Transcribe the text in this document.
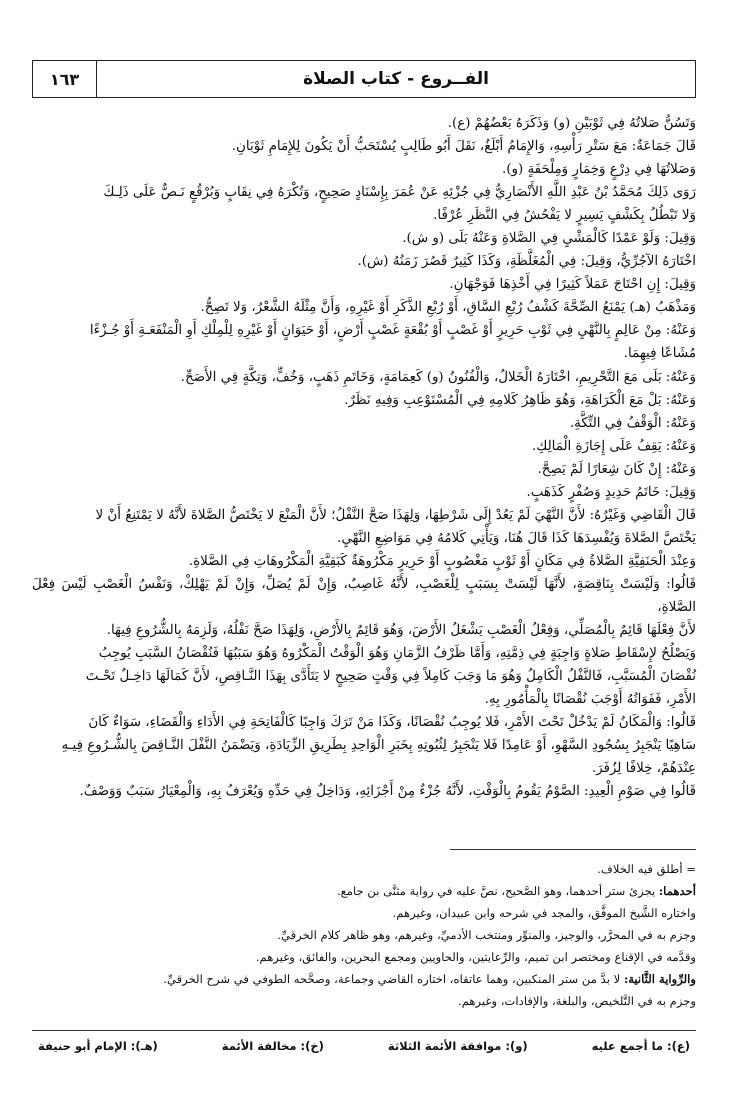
الفــروع - كتاب الصلاة
١٦٣

وَتَسُنُّ صَلاتُهُ فِي ثَوْبَيْنِ (و) وَذَكَرَهُ بَعْضُهُمْ (ع).

قَالَ جَمَاعَةٌ: مَعَ سَتْرِ رَأْسِهِ، وَالإِمَامُ أَبْلَغُ، نَقَلَ أَبُو طَالِبٍ يُسْتَحَبُّ أَنْ يَكُونَ لِلإِمَامِ ثَوْبَانِ.

وَصَلاتُهَا فِي دِرْعٍ وَخِمَارٍ وَمِلْحَفَةٍ (و).

رَوَى ذَلِكَ مُحَمَّدُ بْنُ عَبْدِ اللَّهِ الأَنْصَارِيُّ فِي جُزْئِهِ عَنْ عُمَرَ بِإِسْنَادٍ صَحِيحٍ، وَتُكْرَهُ فِي نِقَابٍ وَبُرْقُعٍ نَـصٌّ عَلَى ذَلِـكَ

وَلا تَبْطُلُ بِكَشْفٍ يَسِيرٍ لا يَفْحُشُ فِي النَّظَرِ عُرْفًا.

وَقِيلَ: وَلَوْ عَمْدًا كَالْمَشْيِ فِي الصَّلاةِ وَعَنْهُ بَلَى (و ش).

اخْتَارَهُ الآجُرِّيُّ، وَقِيلَ: فِي الْمُغَلَّظَةِ، وَكَذَا كَثِيرٌ قَصُرَ زَمَنُهُ (ش).

وَقِيلَ: إِنِ احْتَاجَ عَمَلاً كَثِيرًا فِي أَخْذِهَا فَوَجْهَانِ.

وَمَذْهَبُ (هـ) يَمْنَعُ الصِّحَّةَ كَشْفُ رُبْعِ السَّاقِ، أَوْ رُبْعِ الذَّكَرِ أَوْ غَيْرِهِ، وَأَنَّ مِثْلَهُ الشَّعْرُ، وَلا تَصِحُّ.

وَعَنْهُ: مِنْ عَالِمٍ بِالنَّهْيِ فِي ثَوْبِ حَرِيرٍ أَوْ غَصْبٍ أَوْ بُقْعَةٍ غَصْبٍ أَرْضٍ، أَوْ حَيَوَانٍ أَوْ غَيْرِهِ لِلْمِلْكِ أَوِ الْمَنْفَعَـةِ أَوْ جُـزْءًا

مُشَاعًا فِيهِمَا.

وَعَنْهُ: بَلَى مَعَ التَّحْرِيمِ، اخْتَارَهُ الْخَلالُ، وَالْفُنُونُ (و) كَعِمَامَةٍ، وَخَاتَمِ ذَهَبٍ، وَخُفٍّ، وَتِكَّةٍ فِي الأَصَحِّ.

وَعَنْهُ: بَلْ مَعَ الْكَرَاهَةِ، وَهُوَ ظَاهِرُ كَلامِهِ فِي الْمُسْتَوْعِبِ وَفِيهِ نَظَرٌ.

وَعَنْهُ: الْوَقْفُ فِي التِّكَّةِ.

وَعَنْهُ: يَقِفُ عَلَى إِجَازَةِ الْمَالِكِ.

وَعَنْهُ: إِنْ كَانَ شِعَارًا لَمْ يَصِحَّ.

وَقِيلَ: خَاتَمُ حَدِيدٍ وَصُفْرٍ كَذَهَبٍ.

قَالَ الْقَاضِي وَغَيْرُهُ: لأَنَّ النَّهْيَ لَمْ يَعُدْ إِلَى شَرْطِهَا، وَلِهَذَا صَحَّ النَّفْلُ؛ لأَنَّ الْمَنْعَ لا يَخْتَصُّ الصَّلاةَ لأَنَّهُ لا يَمْتَنِعُ أَنْ لا

يَخْتَصَّ الصَّلاةَ وَيُفْسِدَهَا كَذَا قَالَ هُنَا، وَيَأْتِي كَلامُهُ فِي مَوَاضِعِ النَّهْيِ.

وَعِنْدَ الْحَنَفِيَّةِ الصَّلاةُ فِي مَكَانٍ أَوْ ثَوْبٍ مَغْصُوبٍ أَوْ حَرِيرٍ مَكْرُوهَةٌ كَبَقِيَّةِ الْمَكْرُوهَاتِ فِي الصَّلاةِ.

قَالُوا: وَلَيْسَتْ بِنَاقِصَةٍ، لأَنَّهَا لَيْسَتْ بِسَبَبٍ لِلْغَصْبِ، لأَنَّهُ غَاصِبٌ، وَإِنْ لَمْ يُصَلِّ، وَإِنْ لَمْ يَهْلِكْ، وَنَفْسُ الْغَصْبِ لَيْسَ فِعْلَ الصَّلاةِ،

لأَنَّ فِعْلَهَا قَائِمٌ بِالْمُصَلِّي، وَفِعْلُ الْغَصْبِ يَشْغَلُ الأَرْضَ، وَهُوَ قَائِمٌ بِالأَرْضِ، وَلِهَذَا صَحَّ نَفْلُهُ، وَلَزِمَهُ بِالشُّرُوعِ فِيهَا.

وَيَصْلُحُ لإِسْقَاطِ صَلاةٍ وَاجِبَةٍ فِي ذِمَّتِهِ، وَأَمَّا ظَرْفُ الزَّمَانِ وَهُوَ الْوَقْتُ الْمَكْرُوهُ وَهُوَ سَبَبُهَا فَنُقْصَانُ السَّبَبِ يُوجِبُ

نُقْصَانَ الْمُسَبَّبِ، فَالنَّفْلُ الْكَامِلُ وَهُوَ مَا وَجَبَ كَامِلاً فِي وَقْتٍ صَحِيحٍ لا يَتَأَدَّى بِهَذَا النَّـاقِصِ، لأَنَّ كَمَالَهَا دَاخِـلٌ تَحْـتَ

الأَمْرِ، فَفَوَاتُهُ أَوْجَبَ نُقْصَانًا بِالْمَأْمُورِ بِهِ.

قَالُوا: وَالْمَكَانُ لَمْ يَدْخُلْ تَحْتَ الأَمْرِ، فَلا يُوجِبُ نُقْصَانًا، وَكَذَا مَنْ تَرَكَ وَاجِبًا كَالْفَاتِحَةِ فِي الأَدَاءِ وَالْقَضَاءِ، سَوَاءٌ كَانَ

سَاهِيًا يَنْجَبِرُ بِسُجُودِ السَّهْوِ، أَوْ عَامِدًا فَلا يَنْجَبِرُ لِثُبُوتِهِ بِخَبَرِ الْوَاحِدِ بِطَرِيقِ الزِّيَادَةِ، وَيَضْمَنُ النَّفْلَ النَّـاقِصَ بِالشُّـرُوعِ فِيـهِ

عِنْدَهُمْ، خِلافًا لِزُفَرَ.

قَالُوا فِي صَوْمِ الْعِيدِ: الصَّوْمُ يَقُومُ بِالْوَقْتِ، لأَنَّهُ جُزْءٌ مِنْ أَجْزَائِهِ، وَدَاخِلٌ فِي حَدِّهِ وَيُعْرَفُ بِهِ، وَالْمِعْيَارُ سَبَبٌ وَوَصْفٌ.

= أطلق فيه الخلاف.

أحدهما: يجزئ ستر أحدهما، وهو الصَّحيح، نصَّ عليه في رواية مثنَّى بن جامع.

واختاره الشَّيخ الموفَّق، والمجد في شرحه وابن عبيدان، وغيرهم.

وجزم به في المحرَّر، والوجيز، والمنوِّر ومنتخب الأدميِّ، وغيرهم، وهو ظاهر كلام الخرقيِّ.

وقدَّمه في الإقناع ومختصر ابن تميم، والرِّعايتين، والحاويين ومجمع البحرين، والفائق، وغيرهم.

والرِّواية الثَّانية: لا بدَّ من ستر المنكبين، وهما عاتقاه، اختاره القاضي وجماعة، وصحَّحه الطوفي في شرح الخرقيِّ.

وجزم به في التَّلخيص، والبلغة، والإفادات، وغيرهم.

(ع): ما أجمع عليه
(و): موافقة الأئمة الثلاثة
(خ): مخالفة الأئمة
(هـ): الإمام أبو حنيفة
